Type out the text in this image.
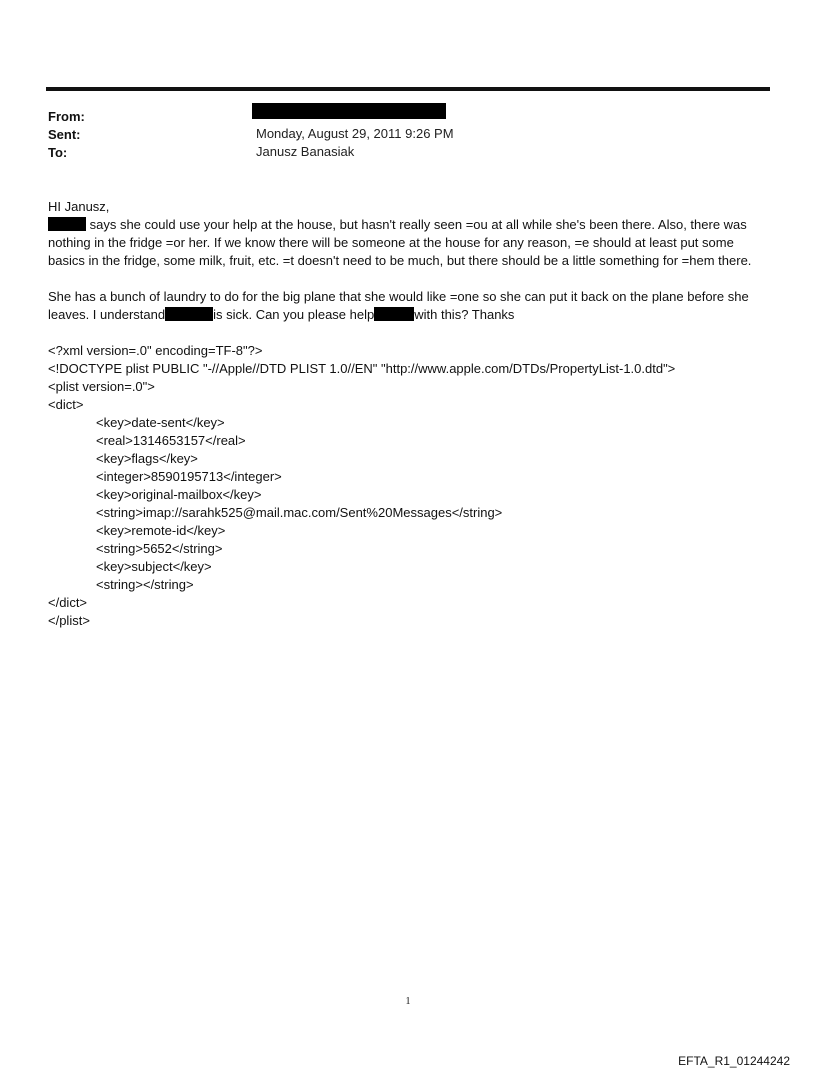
From:
Sent:	Monday, August 29, 2011 9:26 PM
To:	Janusz Banasiak
HI Janusz,
says she could use your help at the house, but hasn't really seen =ou at all while she's been there. Also, there was nothing in the fridge =or her. If we know there will be someone at the house for any reason, =e should at least put some basics in the fridge, some milk, fruit, etc. =t doesn't need to be much, but there should be a little something for =hem there.
She has a bunch of laundry to do for the big plane that she would like =one so she can put it back on the plane before she leaves. I understand	is sick. Can you please help	with this? Thanks
<?xml version=.0" encoding=TF-8"?>
<!DOCTYPE plist PUBLIC "-//Apple//DTD PLIST 1.0//EN" "http://www.apple.com/DTDs/PropertyList-1.0.dtd">
<plist version=.0">
<dict>
<key>date-sent</key>
<real>1314653157</real>
<key>flags</key>
<integer>8590195713</integer>
<key>original-mailbox</key>
<string>imap://sarahk525@mail.mac.com/Sent%20Messages</string>
<key>remote-id</key>
<string>5652</string>
<key>subject</key>
<string></string>
</dict>
</plist>
1
EFTA_R1_01244242
